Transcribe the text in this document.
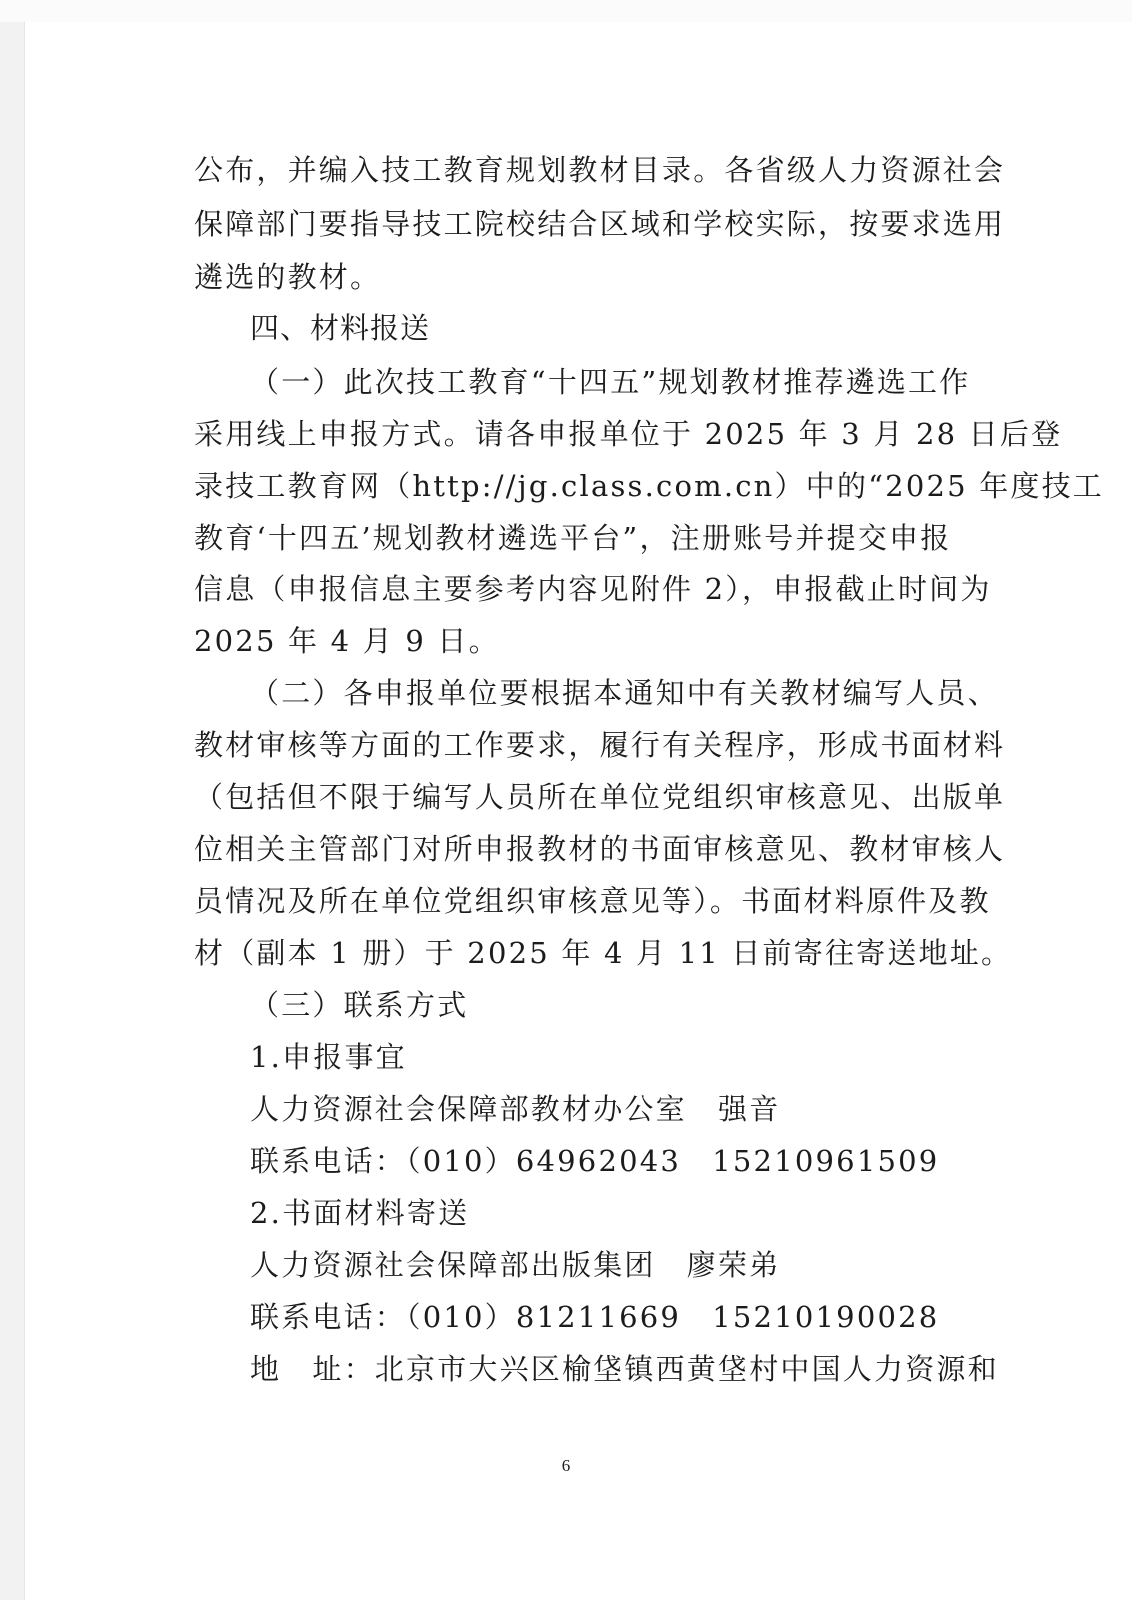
公布，并编入技工教育规划教材目录。各省级人力资源社会
保障部门要指导技工院校结合区域和学校实际，按要求选用
遴选的教材。
四、材料报送
（一）此次技工教育“十四五”规划教材推荐遴选工作
采用线上申报方式。请各申报单位于 2025 年 3 月 28 日后登
录技工教育网（http://jg.class.com.cn）中的“2025 年度技工
教育‘十四五’规划教材遴选平台”，注册账号并提交申报
信息（申报信息主要参考内容见附件 2），申报截止时间为
2025 年 4 月 9 日。
（二）各申报单位要根据本通知中有关教材编写人员、
教材审核等方面的工作要求，履行有关程序，形成书面材料
（包括但不限于编写人员所在单位党组织审核意见、出版单
位相关主管部门对所申报教材的书面审核意见、教材审核人
员情况及所在单位党组织审核意见等）。书面材料原件及教
材（副本 1 册）于 2025 年 4 月 11 日前寄往寄送地址。
（三）联系方式
1.申报事宜
人力资源社会保障部教材办公室　强音
联系电话：（010）64962043　15210961509
2.书面材料寄送
人力资源社会保障部出版集团　廖荣弟
联系电话：（010）81211669　15210190028
地　址：北京市大兴区榆垡镇西黄垡村中国人力资源和
6
